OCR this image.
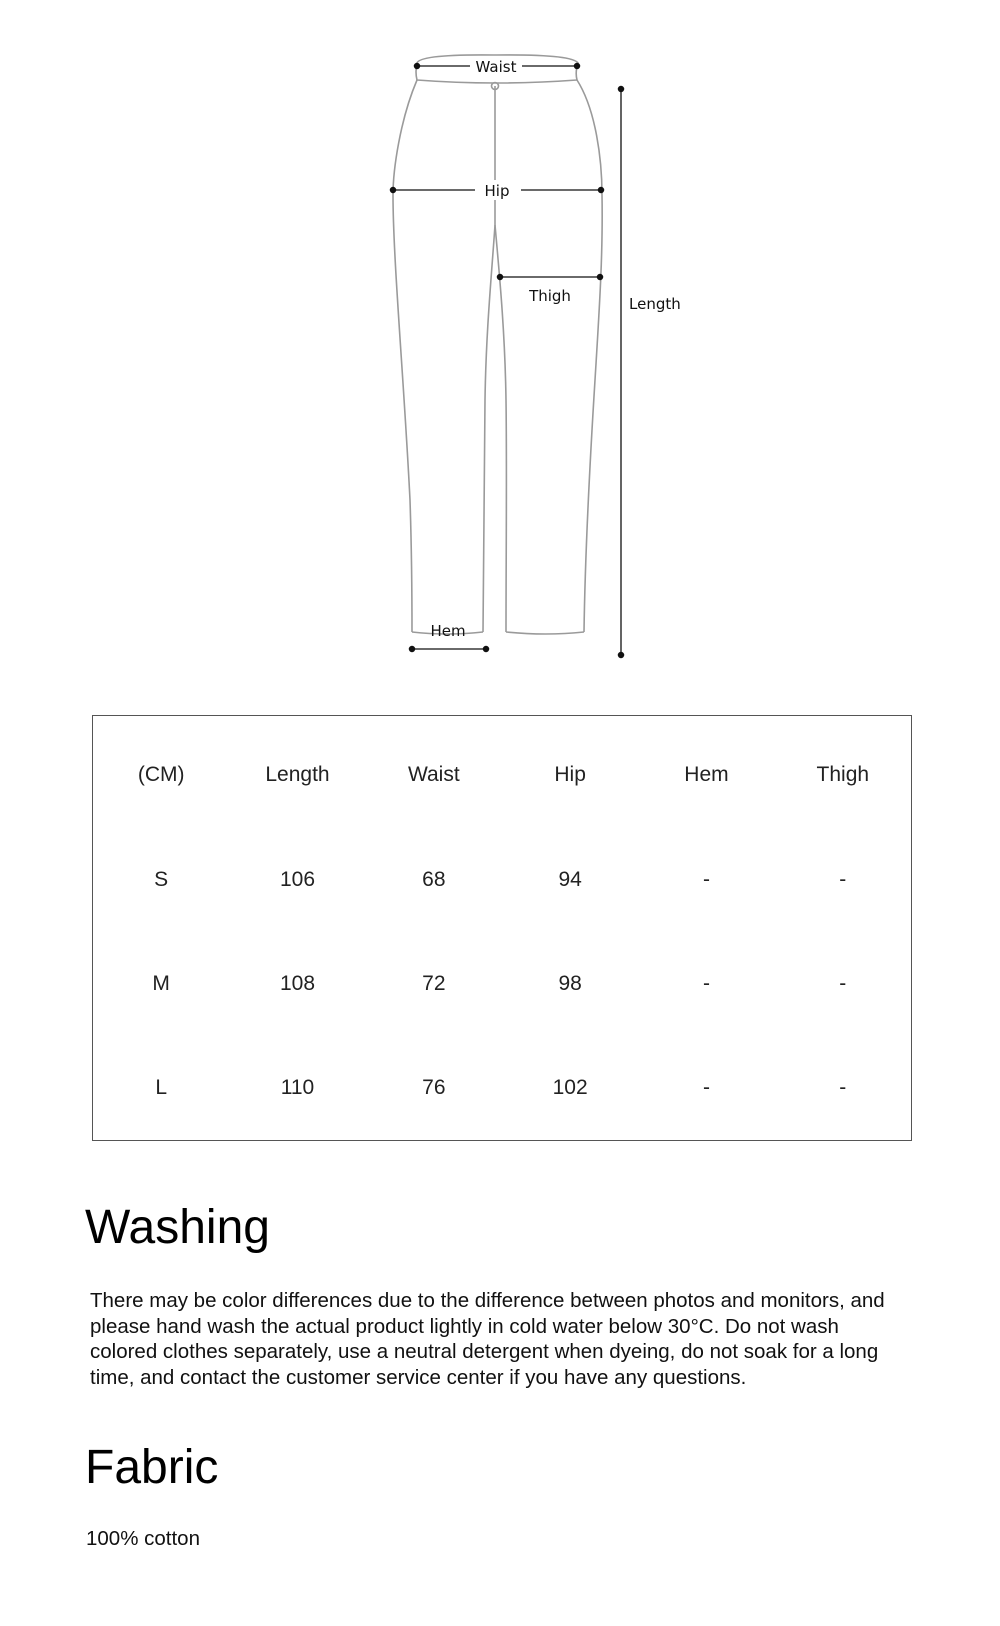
Waist
Hip
Thigh	Length
Hem
(CM)	Length	Waist	Hip	Hem	Thigh
S	106	68	94	-	-
M	108	72	98	-	-
L	110	76	102	-	-
Washing

There may be color differences due to the difference between photos and monitors, and please hand wash the actual product lightly in cold water below 30°C. Do not wash colored clothes separately, use a neutral detergent when dyeing, do not soak for a long time, and contact the customer service center if you have any questions.

Fabric

100% cotton
